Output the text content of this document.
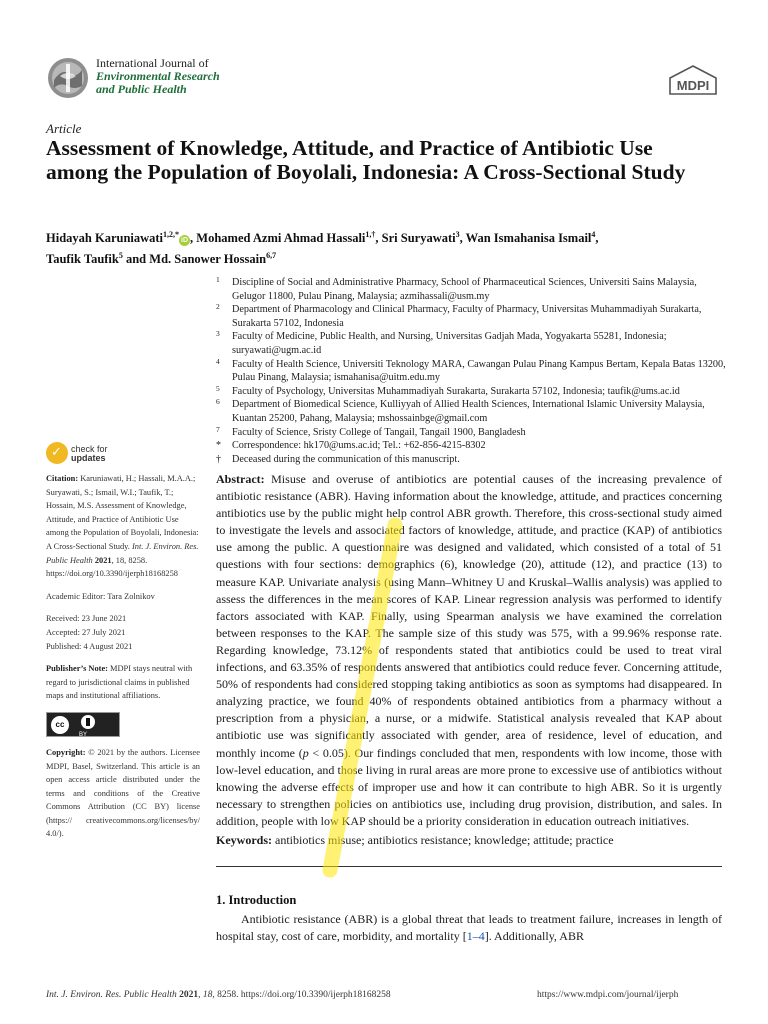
International Journal of
Environmental Research
and Public Health	MDPI
Article
Assessment of Knowledge, Attitude, and Practice of Antibiotic Use among the Population of Boyolali, Indonesia: A Cross-Sectional Study
Hidayah Karuniawati$^{1,2,*}$iD , Mohamed Azmi Ahmad Hassali$^{1,\dagger}$, Sri Suryawati$^3$, Wan Ismahanisa Ismail$^4$,
Taufik Taufik$^5$ and Md. Sanower Hossain$^{6,7}$
1 Discipline of Social and Administrative Pharmacy, School of Pharmaceutical Sciences, Universiti Sains Malaysia, Gelugor 11800, Pulau Pinang, Malaysia; azmihassali@usm.my
2 Department of Pharmacology and Clinical Pharmacy, Faculty of Pharmacy, Universitas Muhammadiyah Surakarta, Surakarta 57102, Indonesia
3 Faculty of Medicine, Public Health, and Nursing, Universitas Gadjah Mada, Yogyakarta 55281, Indonesia; suryawati@ugm.ac.id
4 Faculty of Health Science, Universiti Teknology MARA, Cawangan Pulau Pinang Kampus Bertam, Kepala Batas 13200, Pulau Pinang, Malaysia; ismahanisa@uitm.edu.my
5 Faculty of Psychology, Universitas Muhammadiyah Surakarta, Surakarta 57102, Indonesia; taufik@ums.ac.id
6 Department of Biomedical Science, Kulliyyah of Allied Health Sciences, International Islamic University Malaysia, Kuantan 25200, Pahang, Malaysia; mshossainbge@gmail.com
7 Faculty of Science, Sristy College of Tangail, Tangail 1900, Bangladesh
* Correspondence: hk170@ums.ac.id; Tel.: +62-856-4215-8302
† Deceased during the communication of this manuscript.
✓ check for
updates
Citation: Karuniawati, H.; Hassali, M.A.A.; Suryawati, S.; Ismail, W.I.; Taufik, T.; Hossain, M.S. Assessment of Knowledge, Attitude, and Practice of Antibiotic Use among the Population of Boyolali, Indonesia: A Cross-Sectional Study. Int. J. Environ. Res. Public Health 2021, 18, 8258. https://doi.org/10.3390/ijerph18168258
Academic Editor: Tara Zolnikov
Received: 23 June 2021
Accepted: 27 July 2021
Published: 4 August 2021
Publisher’s Note: MDPI stays neutral with regard to jurisdictional claims in published maps and institutional affiliations.
cc
BY
Copyright: © 2021 by the authors. Licensee MDPI, Basel, Switzerland. This article is an open access article distributed under the terms and conditions of the Creative Commons Attribution (CC BY) license (https:// creativecommons.org/licenses/by/ 4.0/).
Abstract: Misuse and overuse of antibiotics are potential causes of the increasing prevalence of antibiotic resistance (ABR). Having information about the knowledge, attitude, and practices concerning antibiotics use by the public might help control ABR growth. Therefore, this cross-sectional study aimed to investigate the levels and associated factors of knowledge, attitude, and practice (KAP) of antibiotics use among the public. A questionnaire was designed and validated, which consisted of a total of 51 questions with four sections: demographics (6), knowledge (20), attitude (12), and practice (13) to measure KAP. Univariate analysis (using Mann–Whitney U and Kruskal–Wallis analysis) was applied to assess the differences in the mean scores of KAP. Linear regression analysis was performed to identify factors associated with KAP. Finally, using Spearman analysis we have examined the correlation between responses to the KAP. The sample size of this study was 575, with a 99.96% response rate. Regarding knowledge, 73.12% of respondents stated that antibiotics could be used to treat viral infections, and 63.35% of respondents answered that antibiotics could reduce fever. Concerning attitude, 50% of respondents had considered stopping taking antibiotics as soon as symptoms had disappeared. In analyzing practice, we found 40% of respondents obtained antibiotics from a pharmacy without a prescription from a physician, a nurse, or a midwife. Statistical analysis revealed that KAP about antibiotic use was significantly associated with gender, area of residence, level of education, and monthly income (p < 0.05). Our findings concluded that men, respondents with low income, those with low-level education, and those living in rural areas are more prone to excessive use of antibiotics without knowing the adverse effects of improper use and how it can contribute to high ABR. So it is urgently necessary to strengthen policies on antibiotics use, including drug provision, distribution, and sales. In addition, people with low KAP should be a priority consideration in education outreach initiatives.
Keywords: antibiotics misuse; antibiotics resistance; knowledge; attitude; practice
1. Introduction
Antibiotic resistance (ABR) is a global threat that leads to treatment failure, increases in length of hospital stay, cost of care, morbidity, and mortality [1–4]. Additionally, ABR
Int. J. Environ. Res. Public Health 2021, 18, 8258. https://doi.org/10.3390/ijerph18168258	https://www.mdpi.com/journal/ijerph
